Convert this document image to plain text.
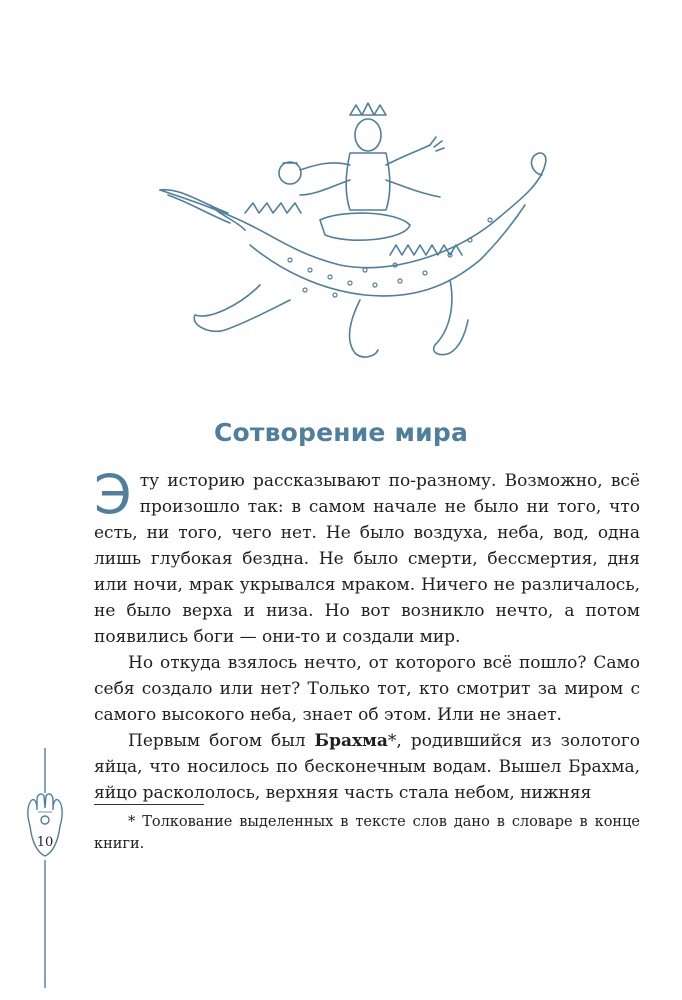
Сотворение мира
Эту историю рассказывают по-разному. Возможно, всё произошло так: в самом начале не было ни того, что есть, ни того, чего нет. Не было воздуха, неба, вод, одна лишь глубокая бездна. Не было смерти, бессмертия, дня или ночи, мрак укрывался мраком. Ничего не различалось, не было верха и низа. Но вот возникло нечто, а потом появились боги — они-то и создали мир.
Но откуда взялось нечто, от которого всё пошло? Само себя создало или нет? Только тот, кто смотрит за миром с самого высокого неба, знает об этом. Или не знает.
Первым богом был Брахма*, родившийся из золотого яйца, что носилось по бесконечным водам. Вышел Брахма, яйцо раскололось, верхняя часть стала небом, нижняя
* Толкование выделенных в тексте слов дано в словаре в конце книги.
10
